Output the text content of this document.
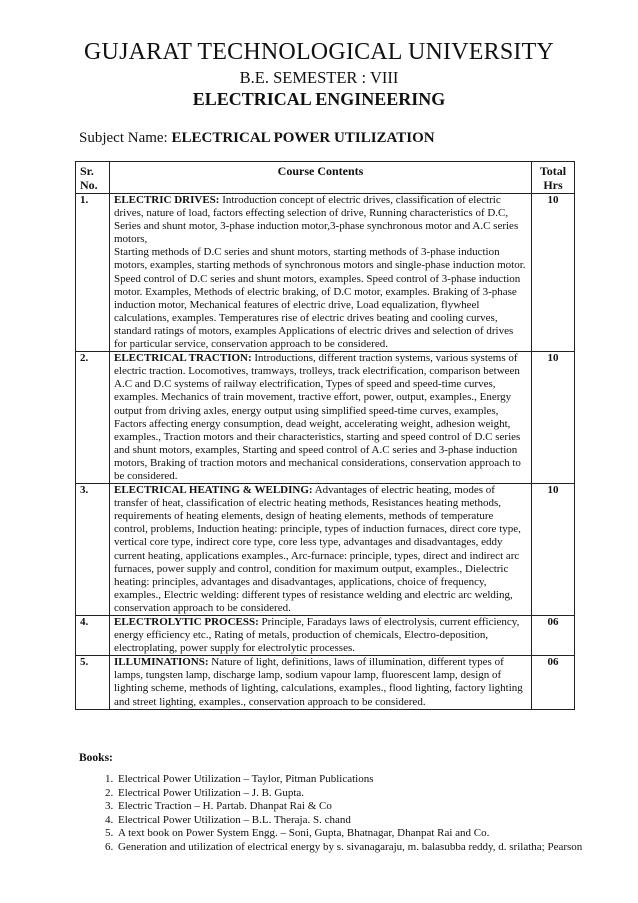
GUJARAT TECHNOLOGICAL UNIVERSITY
B.E. SEMESTER : VIII
ELECTRICAL ENGINEERING
Subject Name: ELECTRICAL POWER UTILIZATION
Sr. No.	Course Contents	Total Hrs
1.	ELECTRIC DRIVES: Introduction concept of electric drives, classification of electric drives, nature of load, factors effecting selection of drive, Running characteristics of D.C, Series and shunt motor, 3-phase induction motor,3-phase synchronous motor and A.C series motors,

Starting methods of D.C series and shunt motors, starting methods of 3-phase induction motors, examples, starting methods of synchronous motors and single-phase induction motor. Speed control of D.C series and shunt motors, examples. Speed control of 3-phase induction motor. Examples, Methods of electric braking, of D.C motor, examples. Braking of 3-phase induction motor, Mechanical features of electric drive, Load equalization, flywheel calculations, examples. Temperatures rise of electric drives beating and cooling curves, standard ratings of motors, examples Applications of electric drives and selection of drives for particular service, conservation approach to be considered.	10
2.	ELECTRICAL TRACTION: Introductions, different traction systems, various systems of electric traction. Locomotives, tramways, trolleys, track electrification, comparison between A.C and D.C systems of railway electrification, Types of speed and speed-time curves, examples. Mechanics of train movement, tractive effort, power, output, examples., Energy output from driving axles, energy output using simplified speed-time curves, examples, Factors affecting energy consumption, dead weight, accelerating weight, adhesion weight, examples., Traction motors and their characteristics, starting and speed control of D.C series and shunt motors, examples, Starting and speed control of A.C series and 3-phase induction motors, Braking of traction motors and mechanical considerations, conservation approach to be considered.	10
3.	ELECTRICAL HEATING & WELDING: Advantages of electric heating, modes of transfer of heat, classification of electric heating methods, Resistances heating methods, requirements of heating elements, design of heating elements, methods of temperature control, problems, Induction heating: principle, types of induction furnaces, direct core type, vertical core type, indirect core type, core less type, advantages and disadvantages, eddy current heating, applications examples., Arc-furnace: principle, types, direct and indirect arc furnaces, power supply and control, condition for maximum output, examples., Dielectric heating: principles, advantages and disadvantages, applications, choice of frequency, examples., Electric welding: different types of resistance welding and electric arc welding, conservation approach to be considered.	10
4.	ELECTROLYTIC PROCESS: Principle, Faradays laws of electrolysis, current efficiency, energy efficiency etc., Rating of metals, production of chemicals, Electro-deposition, electroplating, power supply for electrolytic processes.	06
5.	ILLUMINATIONS: Nature of light, definitions, laws of illumination, different types of lamps, tungsten lamp, discharge lamp, sodium vapour lamp, fluorescent lamp, design of lighting scheme, methods of lighting, calculations, examples., flood lighting, factory lighting and street lighting, examples., conservation approach to be considered.	06
Books:
1. Electrical Power Utilization – Taylor, Pitman Publications
2. Electrical Power Utilization – J. B. Gupta.
3. Electric Traction – H. Partab. Dhanpat Rai & Co
4. Electrical Power Utilization – B.L. Theraja. S. chand
5. A text book on Power System Engg. – Soni, Gupta, Bhatnagar, Dhanpat Rai and Co.
6. Generation and utilization of electrical energy by s. sivanagaraju, m. balasubba reddy, d. srilatha; Pearson
